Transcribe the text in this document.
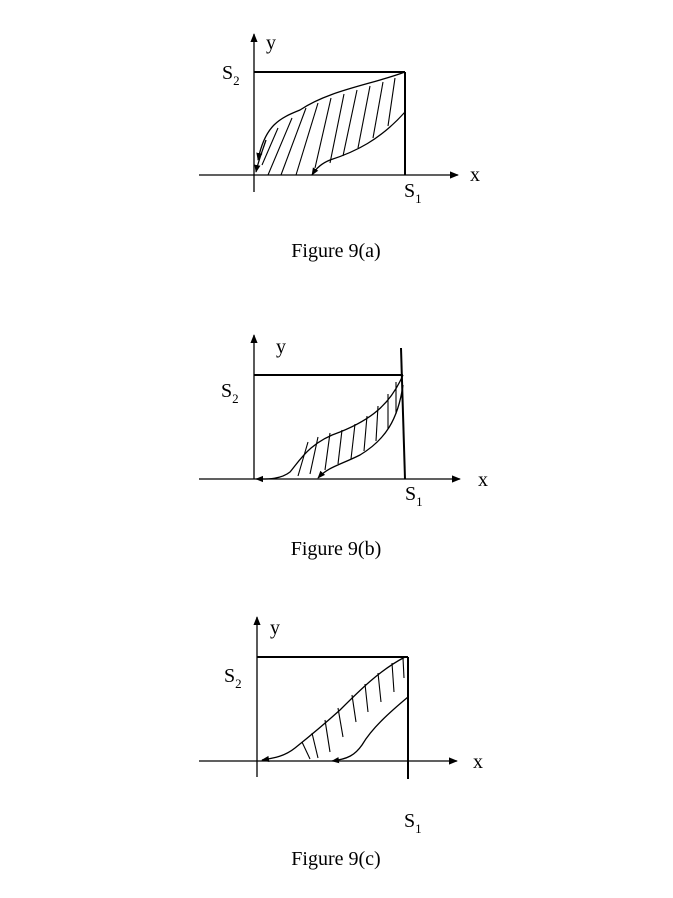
y
x
$S_2$
$S_1$
Figure 9(a)
y
x
$S_2$
$S_1$
Figure 9(b)
y
x
$S_2$
$S_1$
Figure 9(c)
